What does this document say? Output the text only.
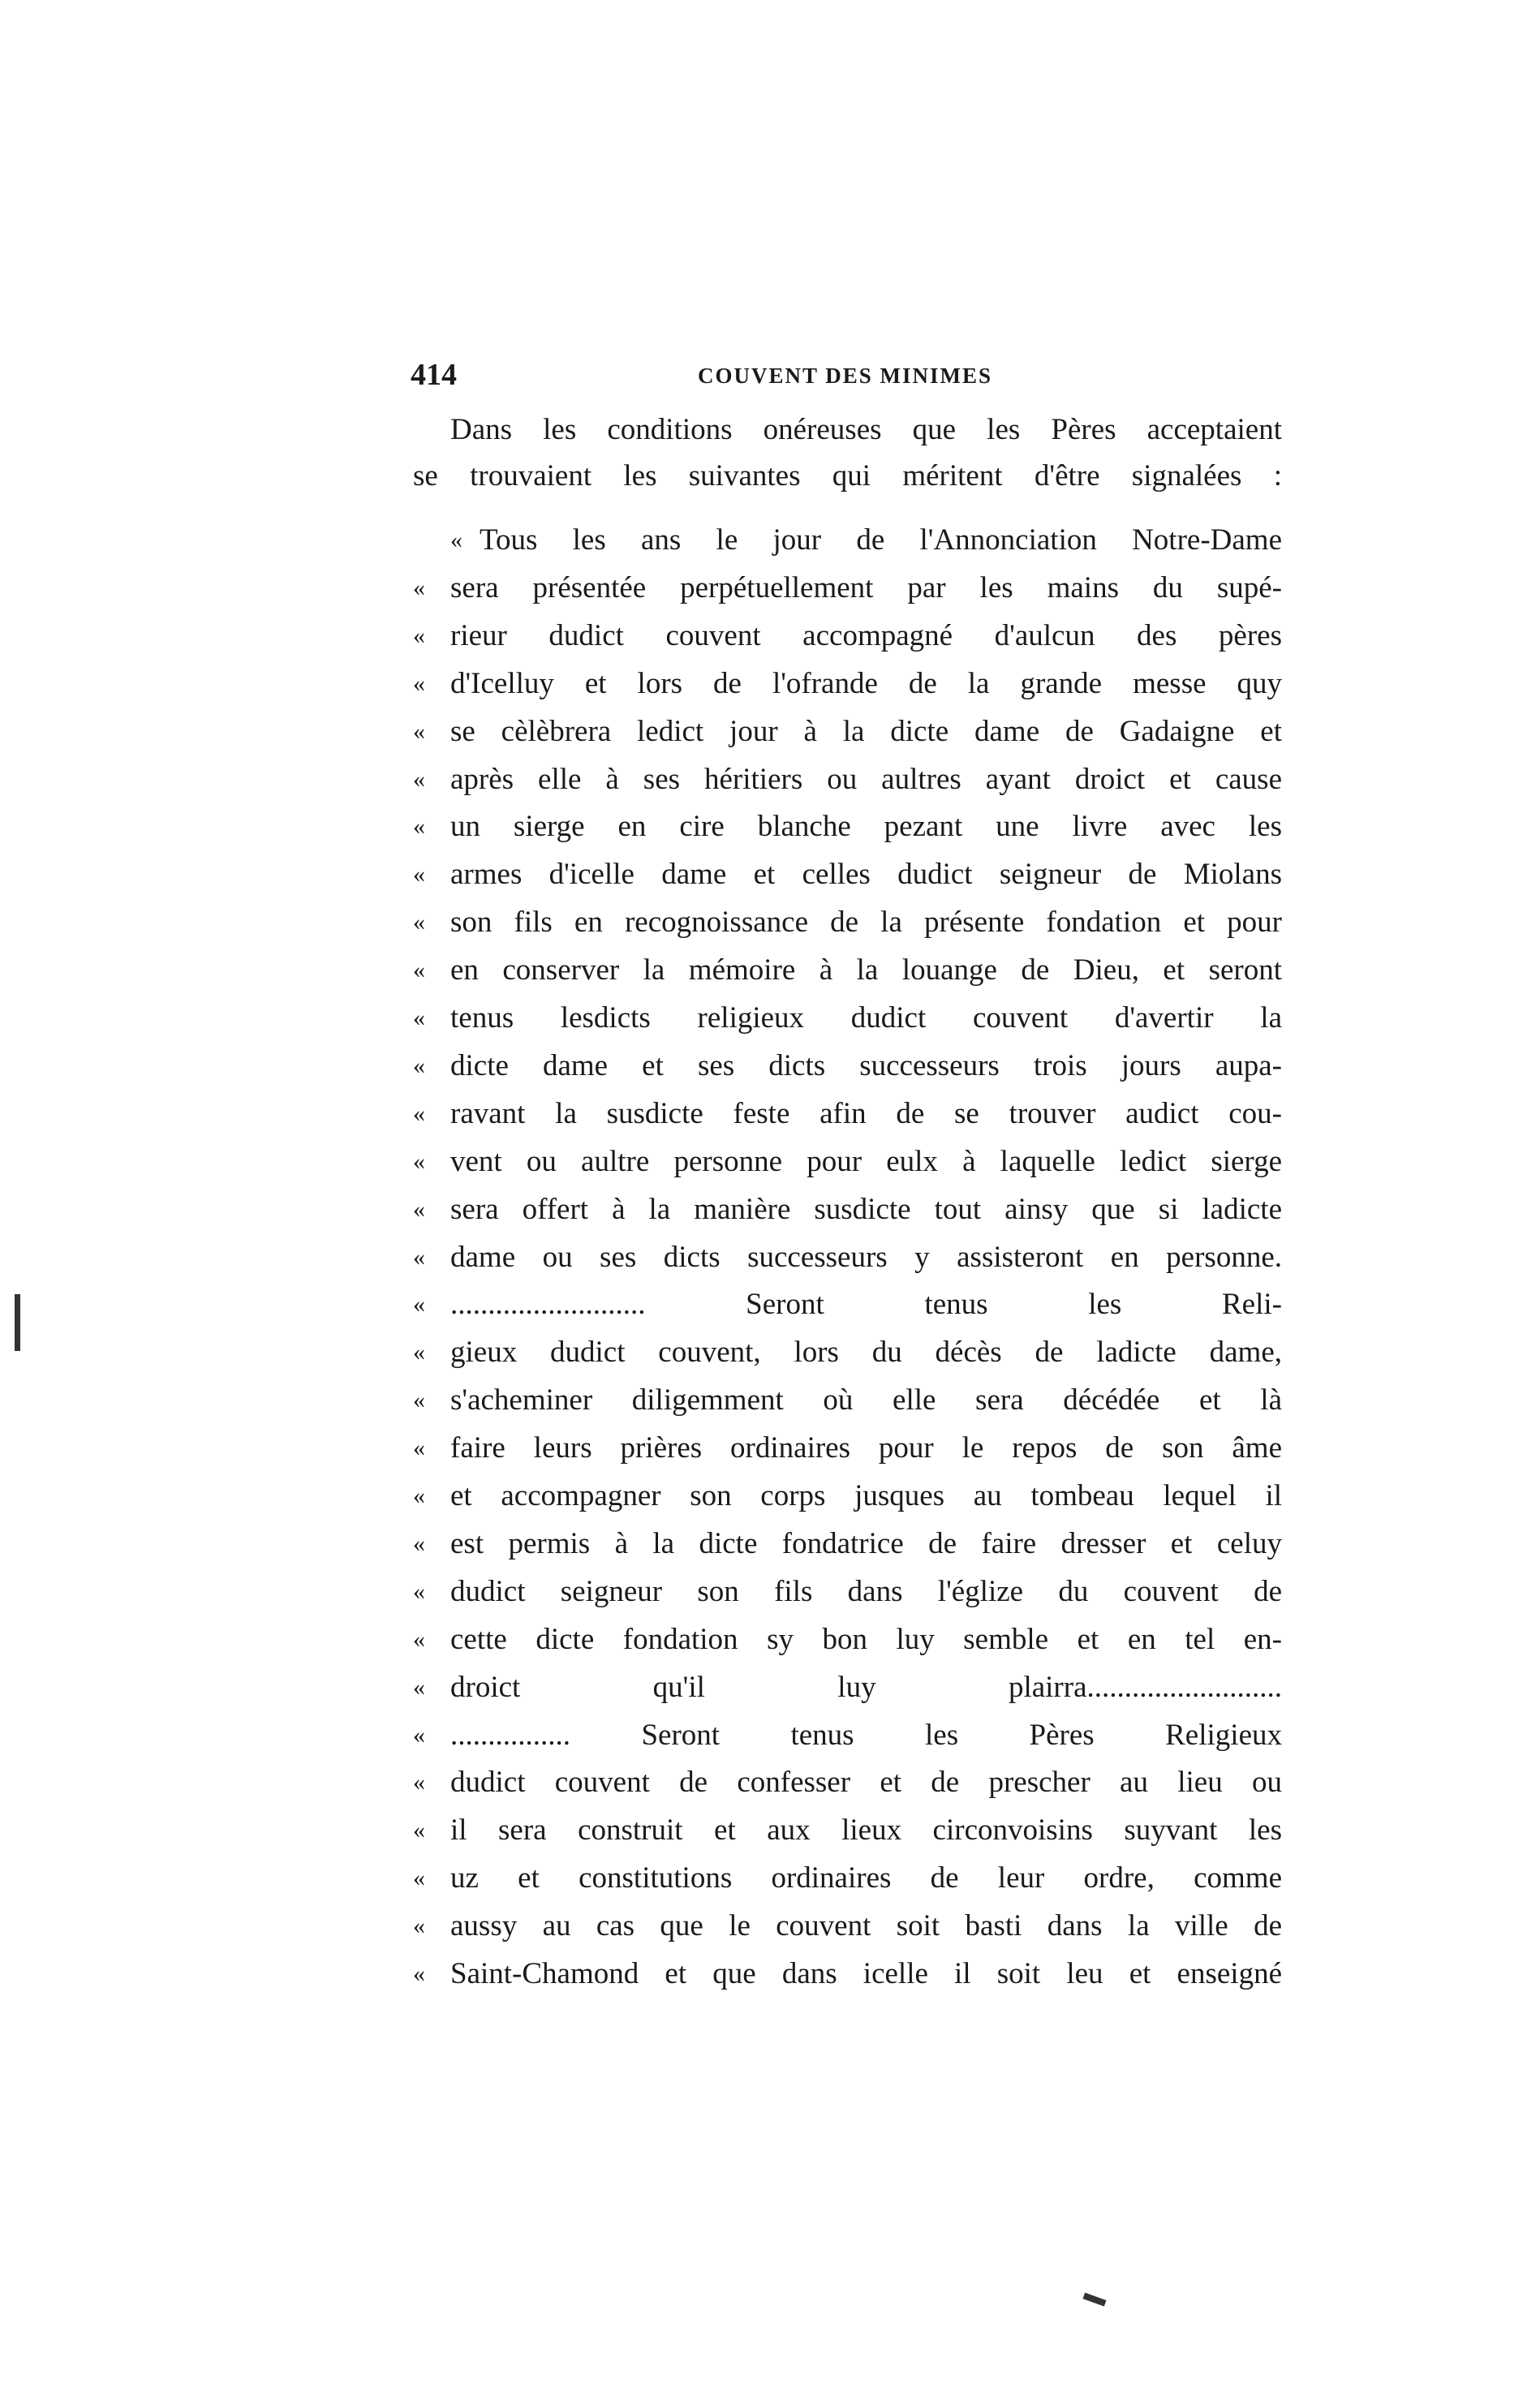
414	COUVENT DES MINIMES
Dans les conditions onéreuses que les Pères acceptaient
se trouvaient les suivantes qui méritent d'être signalées :
« Tous les ans le jour de l'Annonciation Notre-Dame
« sera présentée perpétuellement par les mains du supé-
« rieur dudict couvent accompagné d'aulcun des pères
« d'Icelluy et lors de l'ofrande de la grande messe quy
« se cèlèbrera ledict jour à la dicte dame de Gadaigne et
« après elle à ses héritiers ou aultres ayant droict et cause
« un sierge en cire blanche pezant une livre avec les
« armes d'icelle dame et celles dudict seigneur de Miolans
« son fils en recognoissance de la présente fondation et pour
« en conserver la mémoire à la louange de Dieu, et seront
« tenus lesdicts religieux dudict couvent d'avertir la
« dicte dame et ses dicts successeurs trois jours aupa-
« ravant la susdicte feste afin de se trouver audict cou-
« vent ou aultre personne pour eulx à laquelle ledict sierge
« sera offert à la manière susdicte tout ainsy que si ladicte
« dame ou ses dicts successeurs y assisteront en personne.
« .......................... Seront tenus les Reli-
« gieux dudict couvent, lors du décès de ladicte dame,
« s'acheminer diligemment où elle sera décédée et là
« faire leurs prières ordinaires pour le repos de son âme
« et accompagner son corps jusques au tombeau lequel il
« est permis à la dicte fondatrice de faire dresser et celuy
« dudict seigneur son fils dans l'églize du couvent de
« cette dicte fondation sy bon luy semble et en tel en-
« droict qu'il luy plairra..........................
« ................ Seront tenus les Pères Religieux
« dudict couvent de confesser et de prescher au lieu ou
« il sera construit et aux lieux circonvoisins suyvant les
« uz et constitutions ordinaires de leur ordre, comme
« aussy au cas que le couvent soit basti dans la ville de
« Saint-Chamond et que dans icelle il soit leu et enseigné
